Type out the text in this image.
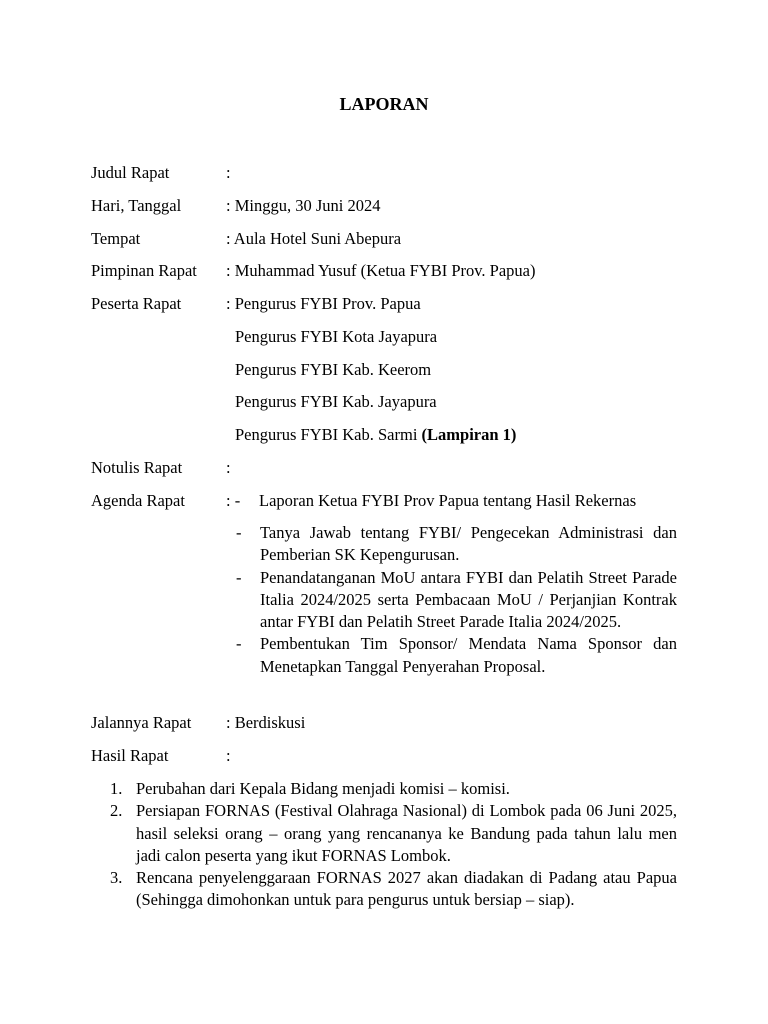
LAPORAN
Judul Rapat	:
Hari, Tanggal	: Minggu, 30 Juni 2024
Tempat	: Aula Hotel Suni Abepura
Pimpinan Rapat : Muhammad Yusuf (Ketua FYBI Prov. Papua)
Peserta Rapat	: Pengurus FYBI Prov. Papua
Pengurus FYBI Kota Jayapura
Pengurus FYBI Kab. Keerom
Pengurus FYBI Kab. Jayapura
Pengurus FYBI Kab. Sarmi (Lampiran 1)
Notulis Rapat	:
Agenda Rapat : - Laporan Ketua FYBI Prov Papua tentang Hasil Rekernas
- Tanya Jawab tentang FYBI/ Pengecekan Administrasi dan Pemberian SK Kepengurusan.
- Penandatanganan MoU antara FYBI dan Pelatih Street Parade Italia 2024/2025 serta Pembacaan MoU / Perjanjian Kontrak antar FYBI dan Pelatih Street Parade Italia 2024/2025.
- Pembentukan Tim Sponsor/ Mendata Nama Sponsor dan Menetapkan Tanggal Penyerahan Proposal.
Jalannya Rapat : Berdiskusi
Hasil Rapat	:
1. Perubahan dari Kepala Bidang menjadi komisi – komisi.
2. Persiapan FORNAS (Festival Olahraga Nasional) di Lombok pada 06 Juni 2025, hasil seleksi orang – orang yang rencananya ke Bandung pada tahun lalu men jadi calon peserta yang ikut FORNAS Lombok.
3. Rencana penyelenggaraan FORNAS 2027 akan diadakan di Padang atau Papua (Sehingga dimohonkan untuk para pengurus untuk bersiap – siap).
